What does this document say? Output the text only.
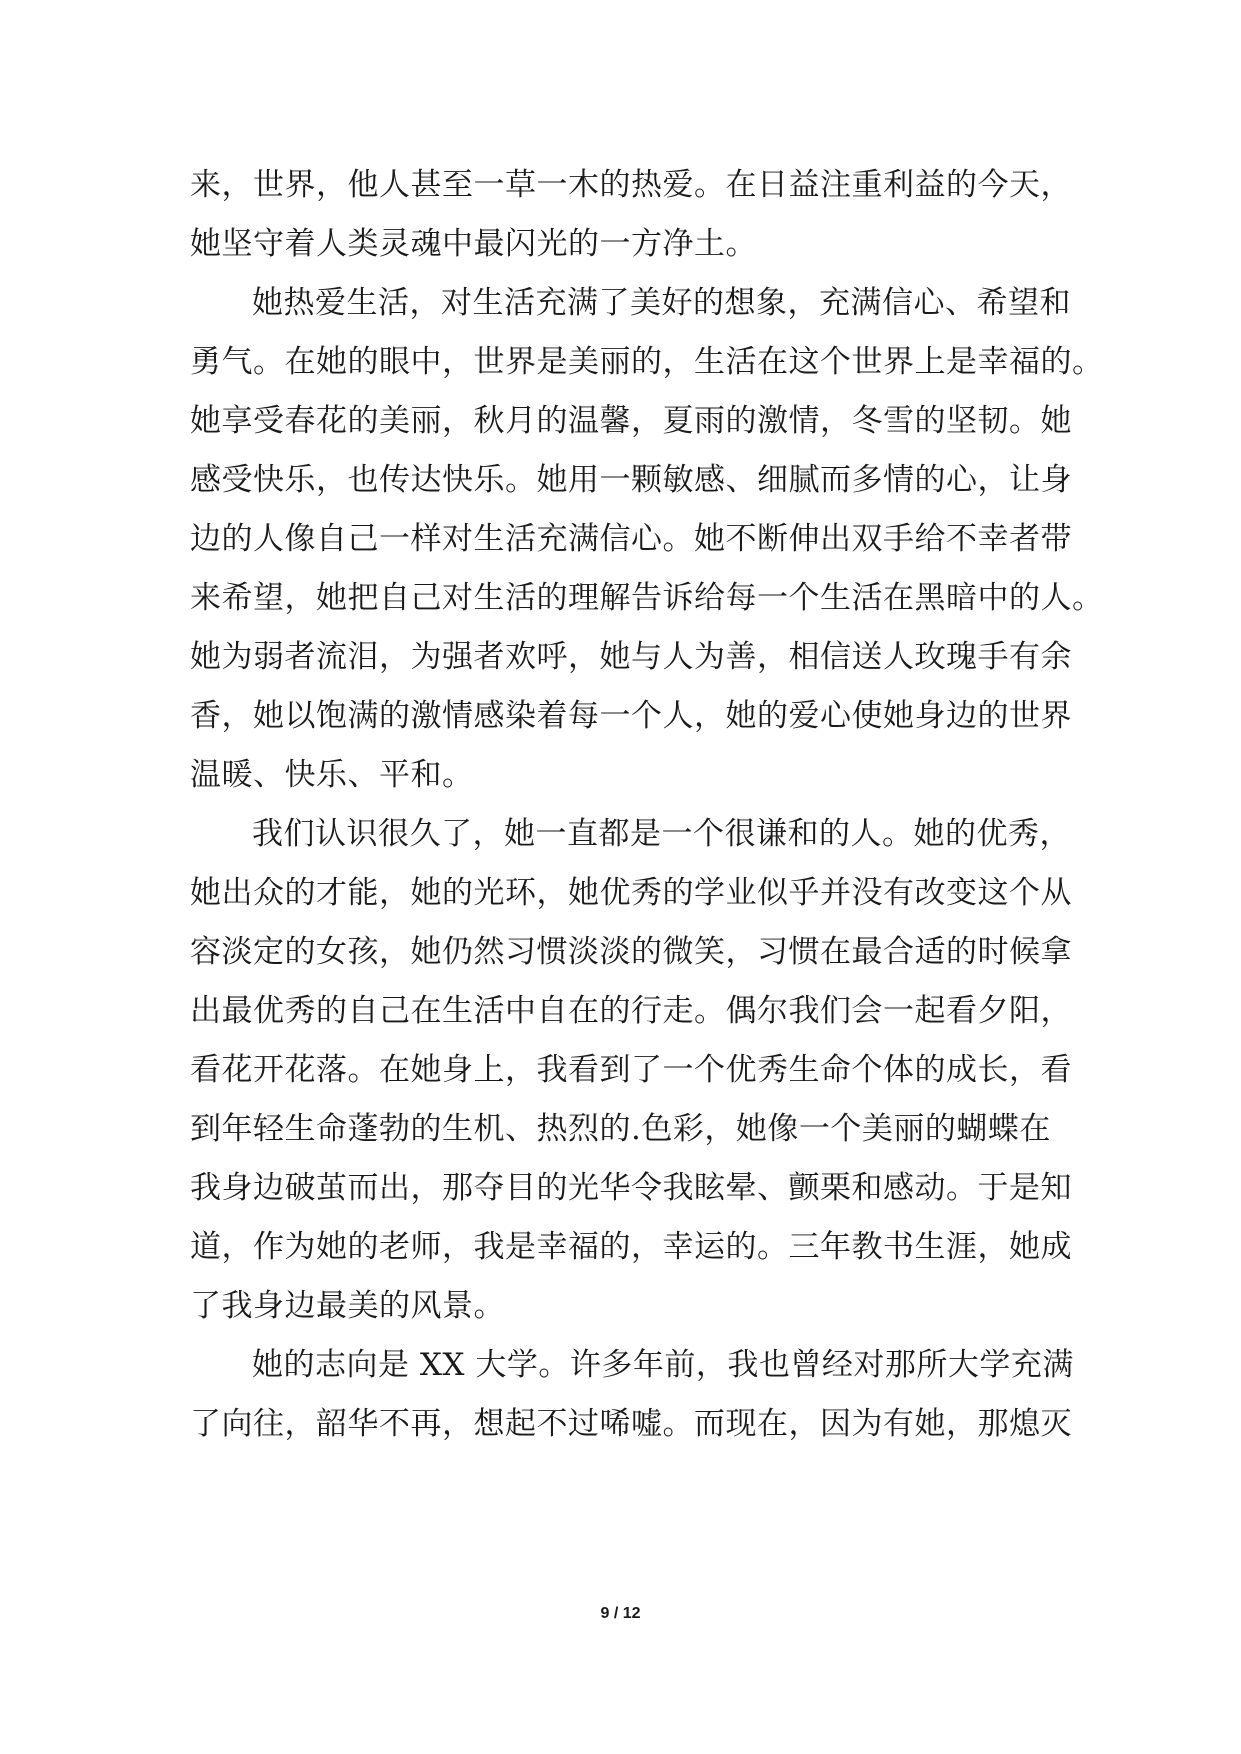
来，世界，他人甚至一草一木的热爱。在日益注重利益的今天，
她坚守着人类灵魂中最闪光的一方净土。
她热爱生活，对生活充满了美好的想象，充满信心、希望和
勇气。在她的眼中，世界是美丽的，生活在这个世界上是幸福的。
她享受春花的美丽，秋月的温馨，夏雨的激情，冬雪的坚韧。她
感受快乐，也传达快乐。她用一颗敏感、细腻而多情的心，让身
边的人像自己一样对生活充满信心。她不断伸出双手给不幸者带
来希望，她把自己对生活的理解告诉给每一个生活在黑暗中的人。
她为弱者流泪，为强者欢呼，她与人为善，相信送人玫瑰手有余
香，她以饱满的激情感染着每一个人，她的爱心使她身边的世界
温暖、快乐、平和。
我们认识很久了，她一直都是一个很谦和的人。她的优秀，
她出众的才能，她的光环，她优秀的学业似乎并没有改变这个从
容淡定的女孩，她仍然习惯淡淡的微笑，习惯在最合适的时候拿
出最优秀的自己在生活中自在的行走。偶尔我们会一起看夕阳，
看花开花落。在她身上，我看到了一个优秀生命个体的成长，看
到年轻生命蓬勃的生机、热烈的.色彩，她像一个美丽的蝴蝶在
我身边破茧而出，那夺目的光华令我眩晕、颤栗和感动。于是知
道，作为她的老师，我是幸福的，幸运的。三年教书生涯，她成
了我身边最美的风景。
她的志向是 XX 大学。许多年前，我也曾经对那所大学充满
了向往，韶华不再，想起不过唏嘘。而现在，因为有她，那熄灭
9 / 12
